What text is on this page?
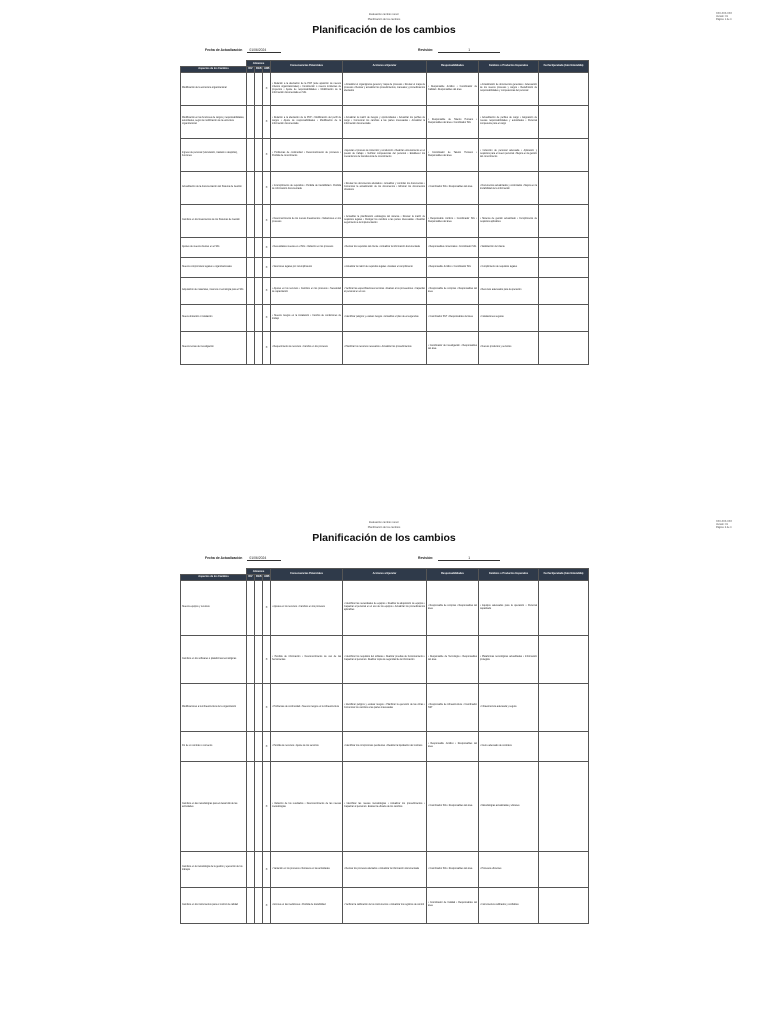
Evaluación cambio menor
Planificación de los cambios
XXX-XXX-XXX
Versión: 01
Página: 1 de 4
Planificación de los cambios
Fecha de Actualización 01/06/2024	Revisión:	1
	Alcance			Consecuencias Potenciales	Acciones a Ejecutar	Responsabilidades	Cambios o Productos Esperados	Fecha Ejecutada (Aún Entendida)
Aspectos de los Cambios	DIV	DGB	ANB					
Modificación de la estructura organizacional			X	• Relación a la afectación de la PCP (ante aparición de nuevos criterios organizacionales) • Constitución o nuevos incidentes de proyectos • Ajuste de responsabilidades • Modificación de la información documentada en SIG	• Actualizar el organigrama general y mapa de procesos • Revisar el mapa de procesos • Revisar y actualizar los procedimientos, manuales y procedimientos afectados	• Responsable Jurídico • Coordinador de Calidad • Responsables del área	• Actualización de documentos generales • Adecuación de los nuevos procesos y cargos • Redefinición de responsabilidades y competencias del personal	
Modificación en las funciones de cargos y responsabilidades, autoridades, según la modificación de la estructura organizacional			X	• Relación a la afectación de la PCP • Modificación del perfil de cargos • Ajuste de responsabilidades • Modificación de la información documentada	• Actualizar la matriz de riesgos y oportunidades • Actualizar los perfiles de cargo • Comunicar los cambios a las partes interesadas • Actualizar la información documentada	• Responsable de Talento Humano • Responsables del área • Coordinador SIG	• Actualización de perfiles de cargo • Asignación de nuevas responsabilidades y autoridades • Personal competente para el cargo	
Ingreso de personal (vinculación, traslado o despidos), funciones			X	• Problemas de continuidad • Desconocimiento de procesos • Pérdida de conocimiento	• Ejecutar el proceso de inducción y reinducción • Realizar entrenamiento en el puesto de trabajo • Verificar competencias del personal • Establecer los mecanismos de transferencia de conocimiento	• Coordinador de Talento Humano • Responsables del área	• Inducción de personal adecuada • Aplicación y requisitos para el nuevo personal • Mejora en la gestión del conocimiento	
Actualización de la documentación del Sistema de Gestión			X	• Incumplimiento de requisitos • Pérdida de trazabilidad • Pérdida de información documentada	• Revisar los documentos afectados • Actualizar y controlar los documentos • Comunicar la actualización de los documentos • Eliminar los documentos obsoletos	• Coordinador SIG • Responsables del área	• Documentos actualizados y controlados • Mejora en la trazabilidad de la información	
Cambios en los lineamientos de los Sistemas de Gestión			X	• Desconocimiento de los nuevos lineamientos • Variaciones en los procesos	• Actualizar la planificación estratégica del sistema • Revisar la matriz de requisitos legales • Divulgar los cambios a las partes interesadas • Realizar seguimiento a la implementación	• Responsable Jurídico • Coordinador SIG • Responsables del área	• Sistema de gestión actualizado • Cumplimiento de requisitos aplicables	
Ajustes de nuevos clientes en el SIG			X	• Necesidades nuevas en el SIG • Variación en los procesos	• Revisar los requisitos del cliente • Actualizar la información documentada	• Responsables comerciales • Coordinador SIG	• Satisfacción del cliente	
Nuevos compromisos legales u organizacionales			X	• Sanciones legales por incumplimiento	• Actualizar la matriz de requisitos legales • Evaluar el cumplimiento	• Responsable Jurídico • Coordinador SIG	• Cumplimiento de requisitos legales	
Adquisición de materiales, insumos o tecnología para el SIG			X	• Ajustes en los recursos • Cambios en los procesos • Necesidad de capacitación	• Verificar las especificaciones técnicas • Evaluar a los proveedores • Capacitar al personal en el uso	• Responsable de compras • Responsables del área	• Recursos adecuados para la operación	
Nueva ubicación o instalación			X	• Nuevos riesgos en la instalación • Cambio de condiciones de trabajo	• Identificar peligros y evaluar riesgos • Actualizar el plan de emergencias	• Coordinador SST • Responsables del área	• Instalaciones seguras	
Nuevos temas de investigación			X	• Requerimiento de recursos • Cambio en los procesos	• Planificar los recursos necesarios • Actualizar los procedimientos	• Coordinador de investigación • Responsables del área	• Nuevos productos y servicios	
Evaluación cambio menor
Planificación de los cambios
XXX-XXX-XXX
Versión: 01
Página: 2 de 4
Planificación de los cambios
Fecha de Actualización 01/06/2024	Revisión:	1
	Alcance			Consecuencias Potenciales	Acciones a Ejecutar	Responsabilidades	Cambios o Productos Esperados	Fecha Ejecutada (Aún Entendida)
Aspectos de los Cambios	DIV	DGB	ANB					
Nuevos equipos y recursos			X	• Ajustes en los recursos • Cambios en los procesos	• Identificar las necesidades de equipos • Realizar la adquisición de equipos • Capacitar al personal en el uso de los equipos • Actualizar los procedimientos aplicables	• Responsable de compras • Responsables del área	• Equipos adecuados para la operación • Personal capacitado	
Cambios en los softwares o plataformas tecnológicas			X	• Pérdida de información • Desconocimiento de uso de las herramientas	• Identificar los requisitos del software • Realizar pruebas de funcionamiento • Capacitar al personal • Realizar copia de seguridad de la información	• Responsable de Tecnología • Responsables del área	• Plataformas tecnológicas actualizadas • Información protegida	
Modificaciones a la infraestructura de la organización			X	• Problemas de continuidad • Nuevos riesgos en la infraestructura	• Identificar peligros y evaluar riesgos • Planificar la ejecución de las obras • Comunicar los cambios a las partes interesadas	• Responsable de infraestructura • Coordinador SST	• Infraestructura adecuada y segura	
Fin de un contrato o convenio			X	• Pérdida de recursos • Ajuste de los servicios	• Identificar los compromisos pendientes • Realizar la liquidación del contrato	• Responsable Jurídico • Responsables del área	• Cierre adecuado de contratos	
Cambios en las metodologías para el desarrollo de las actividades			X	• Variación de los resultados • Desconocimiento de las nuevas metodologías	• Identificar las nuevas metodologías • Actualizar los procedimientos • Capacitar al personal • Evaluar la eficacia de los cambios	• Coordinador SIG • Responsables del área	• Metodologías actualizadas y eficaces	
Cambios en la metodología de la gestión y ejecución de los trabajos			X	• Variación en los procesos • Retrasos en las actividades	• Revisar los procesos afectados • Actualizar la información documentada	• Coordinador SIG • Responsables del área	• Procesos eficientes	
Cambios en los instrumentos para el control de calidad			X	• Errores en las mediciones • Pérdida de trazabilidad	• Verificar la calibración de los instrumentos • Actualizar los registros de control	• Coordinador de Calidad • Responsables del área	• Instrumentos calibrados y confiables	
